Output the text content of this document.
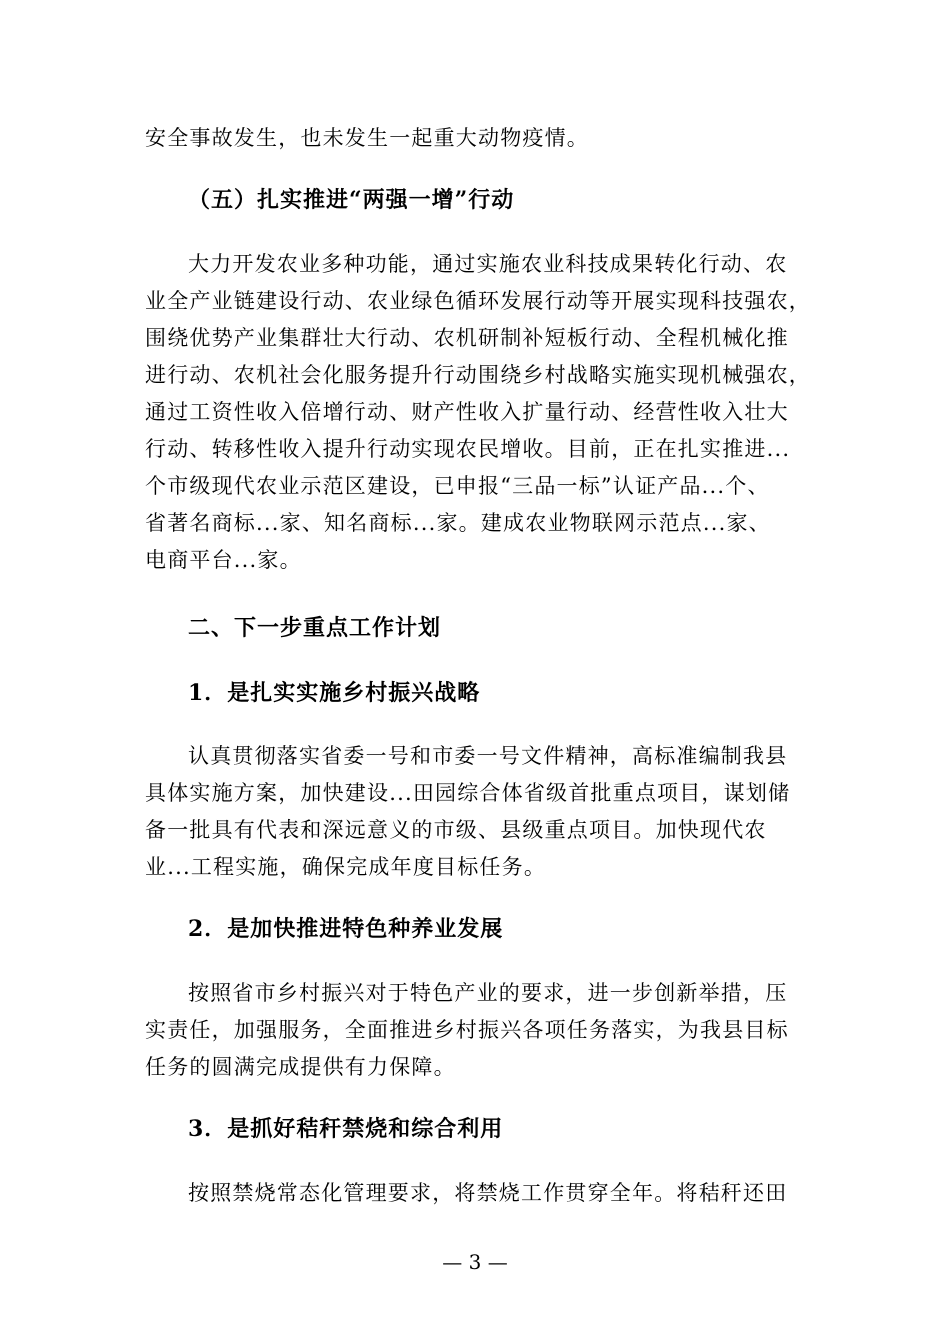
安全事故发生，也未发生一起重大动物疫情。
（五）扎实推进“两强一增”行动
大力开发农业多种功能，通过实施农业科技成果转化行动、农
业全产业链建设行动、农业绿色循环发展行动等开展实现科技强农，
围绕优势产业集群壮大行动、农机研制补短板行动、全程机械化推
进行动、农机社会化服务提升行动围绕乡村战略实施实现机械强农，
通过工资性收入倍增行动、财产性收入扩量行动、经营性收入壮大
行动、转移性收入提升行动实现农民增收。目前，正在扎实推进...
个市级现代农业示范区建设，已申报“三品一标”认证产品...个、
省著名商标...家、知名商标...家。建成农业物联网示范点...家、
电商平台...家。
二、下一步重点工作计划
1．是扎实实施乡村振兴战略
认真贯彻落实省委一号和市委一号文件精神，高标准编制我县
具体实施方案，加快建设...田园综合体省级首批重点项目，谋划储
备一批具有代表和深远意义的市级、县级重点项目。加快现代农
业...工程实施，确保完成年度目标任务。
2．是加快推进特色种养业发展
按照省市乡村振兴对于特色产业的要求，进一步创新举措，压
实责任，加强服务，全面推进乡村振兴各项任务落实，为我县目标
任务的圆满完成提供有力保障。
3．是抓好秸秆禁烧和综合利用
按照禁烧常态化管理要求，将禁烧工作贯穿全年。将秸秆还田
— 3 —
